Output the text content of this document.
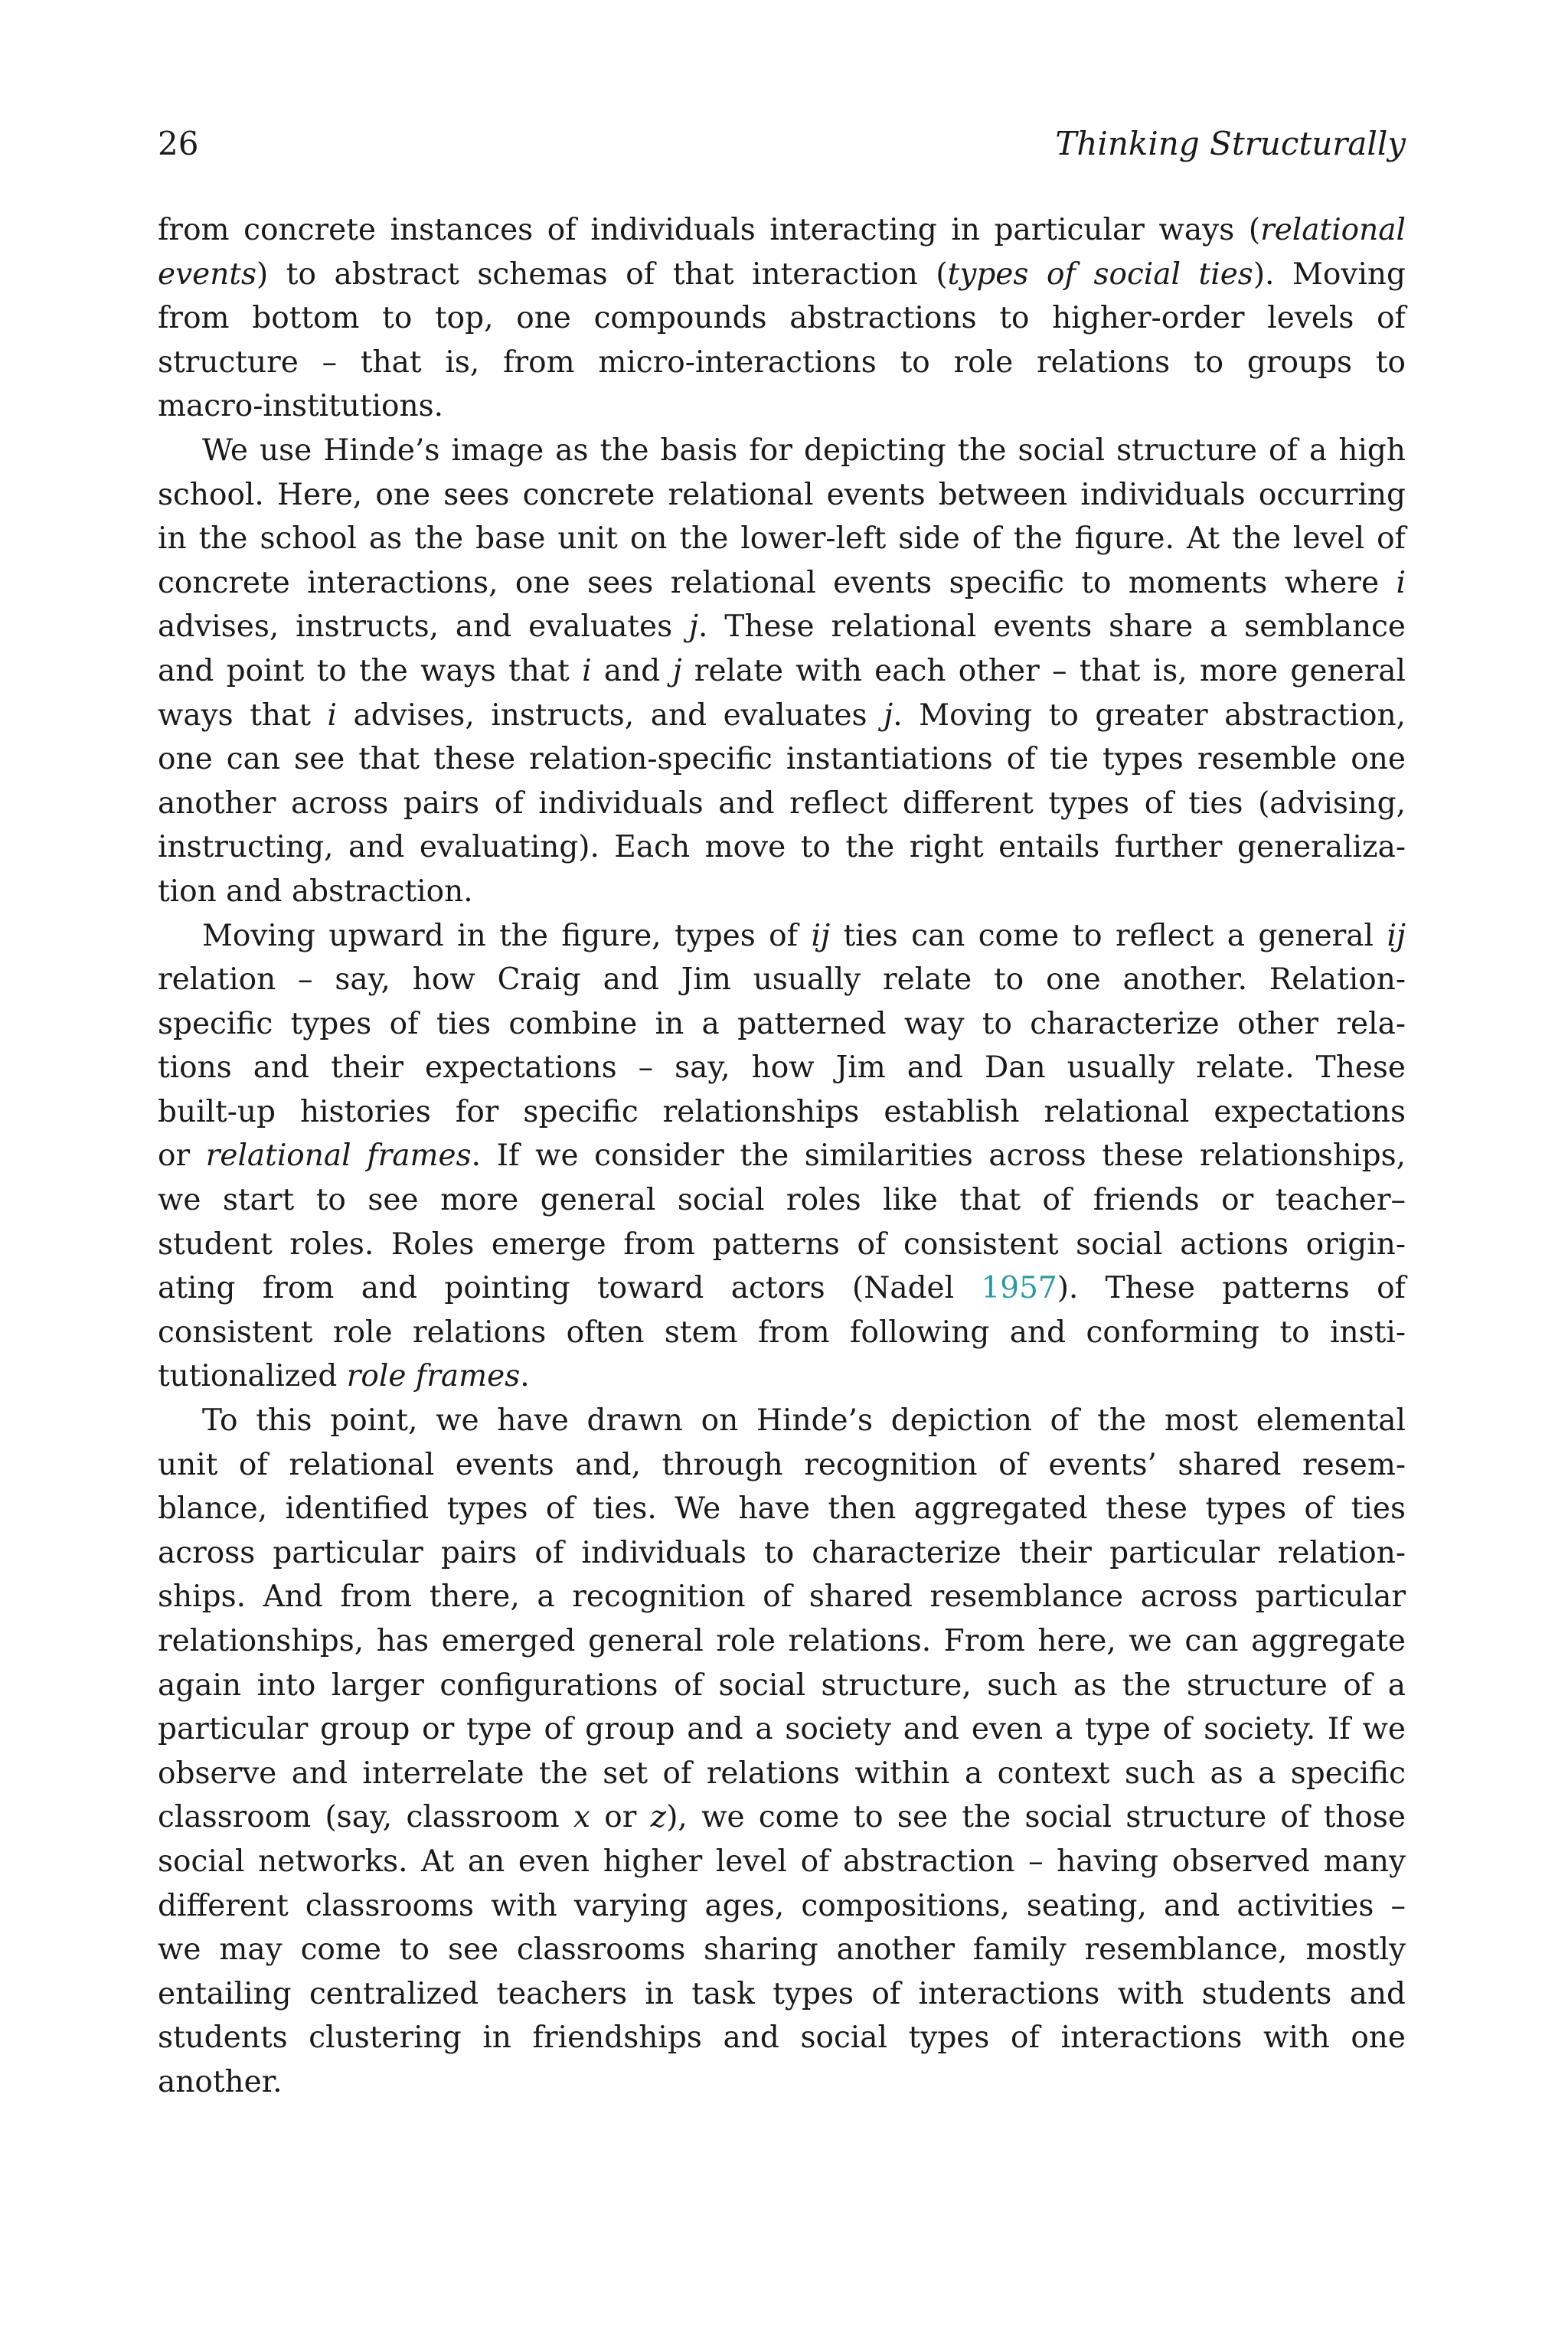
26	Thinking Structurally
from concrete instances of individuals interacting in particular ways (relational
events) to abstract schemas of that interaction (types of social ties). Moving
from bottom to top, one compounds abstractions to higher-order levels of
structure – that is, from micro-interactions to role relations to groups to
macro-institutions.
We use Hinde’s image as the basis for depicting the social structure of a high
school. Here, one sees concrete relational events between individuals occurring
in the school as the base unit on the lower-left side of the figure. At the level of
concrete interactions, one sees relational events specific to moments where i
advises, instructs, and evaluates j. These relational events share a semblance
and point to the ways that i and j relate with each other – that is, more general
ways that i advises, instructs, and evaluates j. Moving to greater abstraction,
one can see that these relation-specific instantiations of tie types resemble one
another across pairs of individuals and reflect different types of ties (advising,
instructing, and evaluating). Each move to the right entails further generaliza-
tion and abstraction.
Moving upward in the figure, types of ij ties can come to reflect a general ij
relation – say, how Craig and Jim usually relate to one another. Relation-
specific types of ties combine in a patterned way to characterize other rela-
tions and their expectations – say, how Jim and Dan usually relate. These
built-up histories for specific relationships establish relational expectations
or relational frames. If we consider the similarities across these relationships,
we start to see more general social roles like that of friends or teacher–
student roles. Roles emerge from patterns of consistent social actions origin-
ating from and pointing toward actors (Nadel 1957). These patterns of
consistent role relations often stem from following and conforming to insti-
tutionalized role frames.
To this point, we have drawn on Hinde’s depiction of the most elemental
unit of relational events and, through recognition of events’ shared resem-
blance, identified types of ties. We have then aggregated these types of ties
across particular pairs of individuals to characterize their particular relation-
ships. And from there, a recognition of shared resemblance across particular
relationships, has emerged general role relations. From here, we can aggregate
again into larger configurations of social structure, such as the structure of a
particular group or type of group and a society and even a type of society. If we
observe and interrelate the set of relations within a context such as a specific
classroom (say, classroom x or z), we come to see the social structure of those
social networks. At an even higher level of abstraction – having observed many
different classrooms with varying ages, compositions, seating, and activities –
we may come to see classrooms sharing another family resemblance, mostly
entailing centralized teachers in task types of interactions with students and
students clustering in friendships and social types of interactions with one
another.
